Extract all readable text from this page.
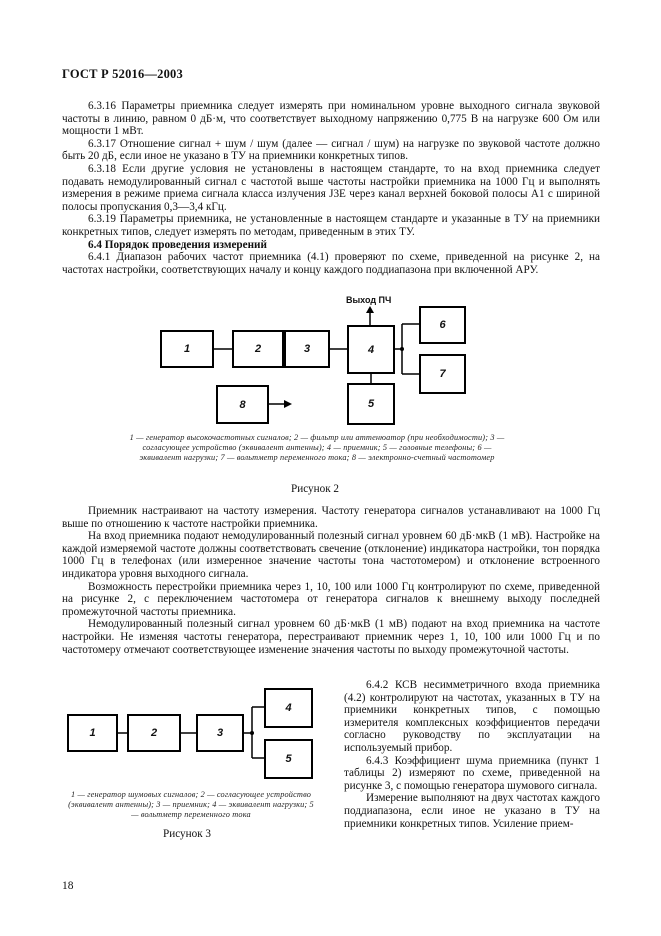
ГОСТ Р 52016—2003

6.3.16 Параметры приемника следует измерять при номинальном уровне выходного сигнала звуковой частоты в линию, равном 0 дБ·м, что соответствует выходному напряжению 0,775 В на нагрузке 600 Ом или мощности 1 мВт.

6.3.17 Отношение сигнал + шум / шум (далее — сигнал / шум) на нагрузке по звуковой частоте должно быть 20 дБ, если иное не указано в ТУ на приемники конкретных типов.

6.3.18 Если другие условия не установлены в настоящем стандарте, то на вход приемника следует подавать немодулированный сигнал с частотой выше частоты настройки приемника на 1000 Гц и выполнять измерения в режиме приема сигнала класса излучения J3E через канал верхней боковой полосы A1 с шириной полосы пропускания 0,3—3,4 кГц.

6.3.19 Параметры приемника, не установленные в настоящем стандарте и указанные в ТУ на приемники конкретных типов, следует измерять по методам, приведенным в этих ТУ.

6.4 Порядок проведения измерений

6.4.1 Диапазон рабочих частот приемника (4.1) проверяют по схеме, приведенной на рисунке 2, на частотах настройки, соответствующих началу и концу каждого поддиапазона при включенной АРУ.

Выход ПЧ
1	2	3	4
5
6
7
8
1 — генератор высокочастотных сигналов; 2 — фильтр или аттенюатор (при необходимости); 3 — согласующее устройство (эквивалент антенны); 4 — приемник; 5 — головные телефоны; 6 — эквивалент нагрузки; 7 — вольтметр переменного тока; 8 — электронно-счетный частотомер
Рисунок 2

Приемник настраивают на частоту измерения. Частоту генератора сигналов устанавливают на 1000 Гц выше по отношению к частоте настройки приемника.

На вход приемника подают немодулированный полезный сигнал уровнем 60 дБ·мкВ (1 мВ). Настройке на каждой измеряемой частоте должны соответствовать свечение (отклонение) индикатора настройки, тон порядка 1000 Гц в телефонах (или измеренное значение частоты тона частотомером) и отклонение встроенного индикатора уровня выходного сигнала.

Возможность перестройки приемника через 1, 10, 100 или 1000 Гц контролируют по схеме, приведенной на рисунке 2, с переключением частотомера от генератора сигналов к внешнему выходу последней промежуточной частоты приемника.

Немодулированный полезный сигнал уровнем 60 дБ·мкВ (1 мВ) подают на вход приемника на частоте настройки. Не изменяя частоты генератора, перестраивают приемник через 1, 10, 100 или 1000 Гц и по частотомеру отмечают соответствующее изменение значения частоты по выходу промежуточной частоты.

1	2	3
4
5
1 — генератор шумовых сигналов; 2 — согласующее устройство (эквивалент антенны); 3 — приемник; 4 — эквивалент нагрузки; 5 — вольтметр переменного тока
Рисунок 3

6.4.2 КСВ несимметричного входа приемника (4.2) контролируют на частотах, указанных в ТУ на приемники конкретных типов, с помощью измерителя комплексных коэффициентов передачи согласно руководству по эксплуатации на используемый прибор.

6.4.3 Коэффициент шума приемника (пункт 1 таблицы 2) измеряют по схеме, приведенной на рисунке 3, с помощью генератора шумового сигнала.

Измерение выполняют на двух частотах каждого поддиапазона, если иное не указано в ТУ на приемники конкретных типов. Усиление прием-

18
